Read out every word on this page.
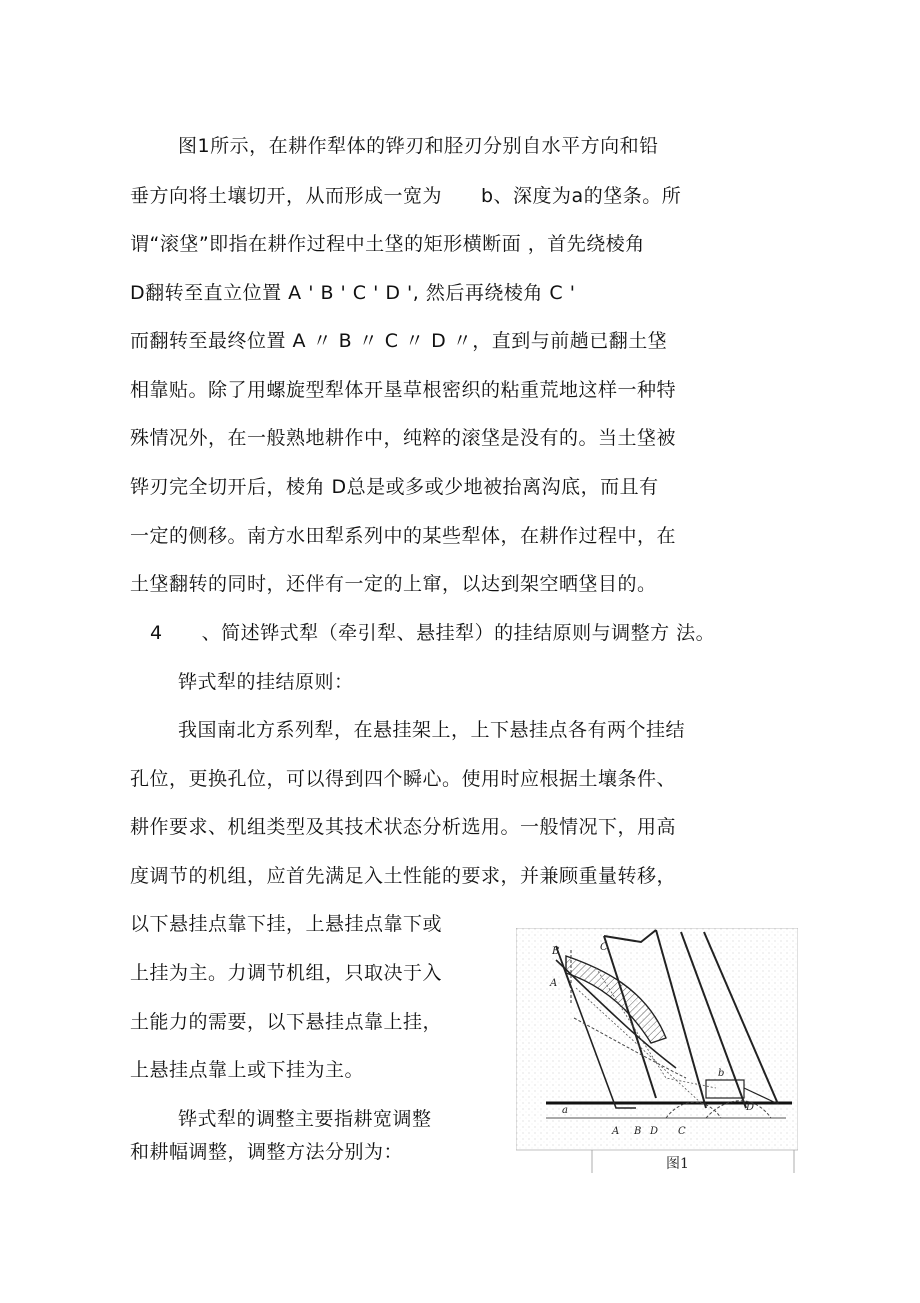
图1所示，在耕作犁体的铧刃和胫刃分别自水平方向和铅
垂方向将土壤切开，从而形成一宽为　　b、深度为a的垡条。所
谓“滚垡”即指在耕作过程中土垡的矩形横断面 ，首先绕棱角
D翻转至直立位置 A ' B ' C ' D ', 然后再绕棱角 C '
而翻转至最终位置 A 〃 B 〃 C 〃 D 〃，直到与前趟已翻土垡
相靠贴。除了用螺旋型犁体开垦草根密织的粘重荒地这样一种特
殊情况外，在一般熟地耕作中，纯粹的滚垡是没有的。当土垡被
铧刃完全切开后，棱角 D总是或多或少地被抬离沟底，而且有
一定的侧移。南方水田犁系列中的某些犁体，在耕作过程中，在
土垡翻转的同时，还伴有一定的上窜，以达到架空晒垡目的。
4　　、简述铧式犁（牵引犁、悬挂犁）的挂结原则与调整方 法。
铧式犁的挂结原则：
我国南北方系列犁，在悬挂架上，上下悬挂点各有两个挂结
孔位，更换孔位，可以得到四个瞬心。使用时应根据土壤条件、
耕作要求、机组类型及其技术状态分析选用。一般情况下，用高
度调节的机组，应首先满足入土性能的要求，并兼顾重量转移，
以下悬挂点靠下挂，上悬挂点靠下或
上挂为主。力调节机组，只取决于入
土能力的需要，以下悬挂点靠上挂，
上悬挂点靠上或下挂为主。
铧式犁的调整主要指耕宽调整
和耕幅调整，调整方法分别为：
B	C
A
D
A B D C
a
b
图1
